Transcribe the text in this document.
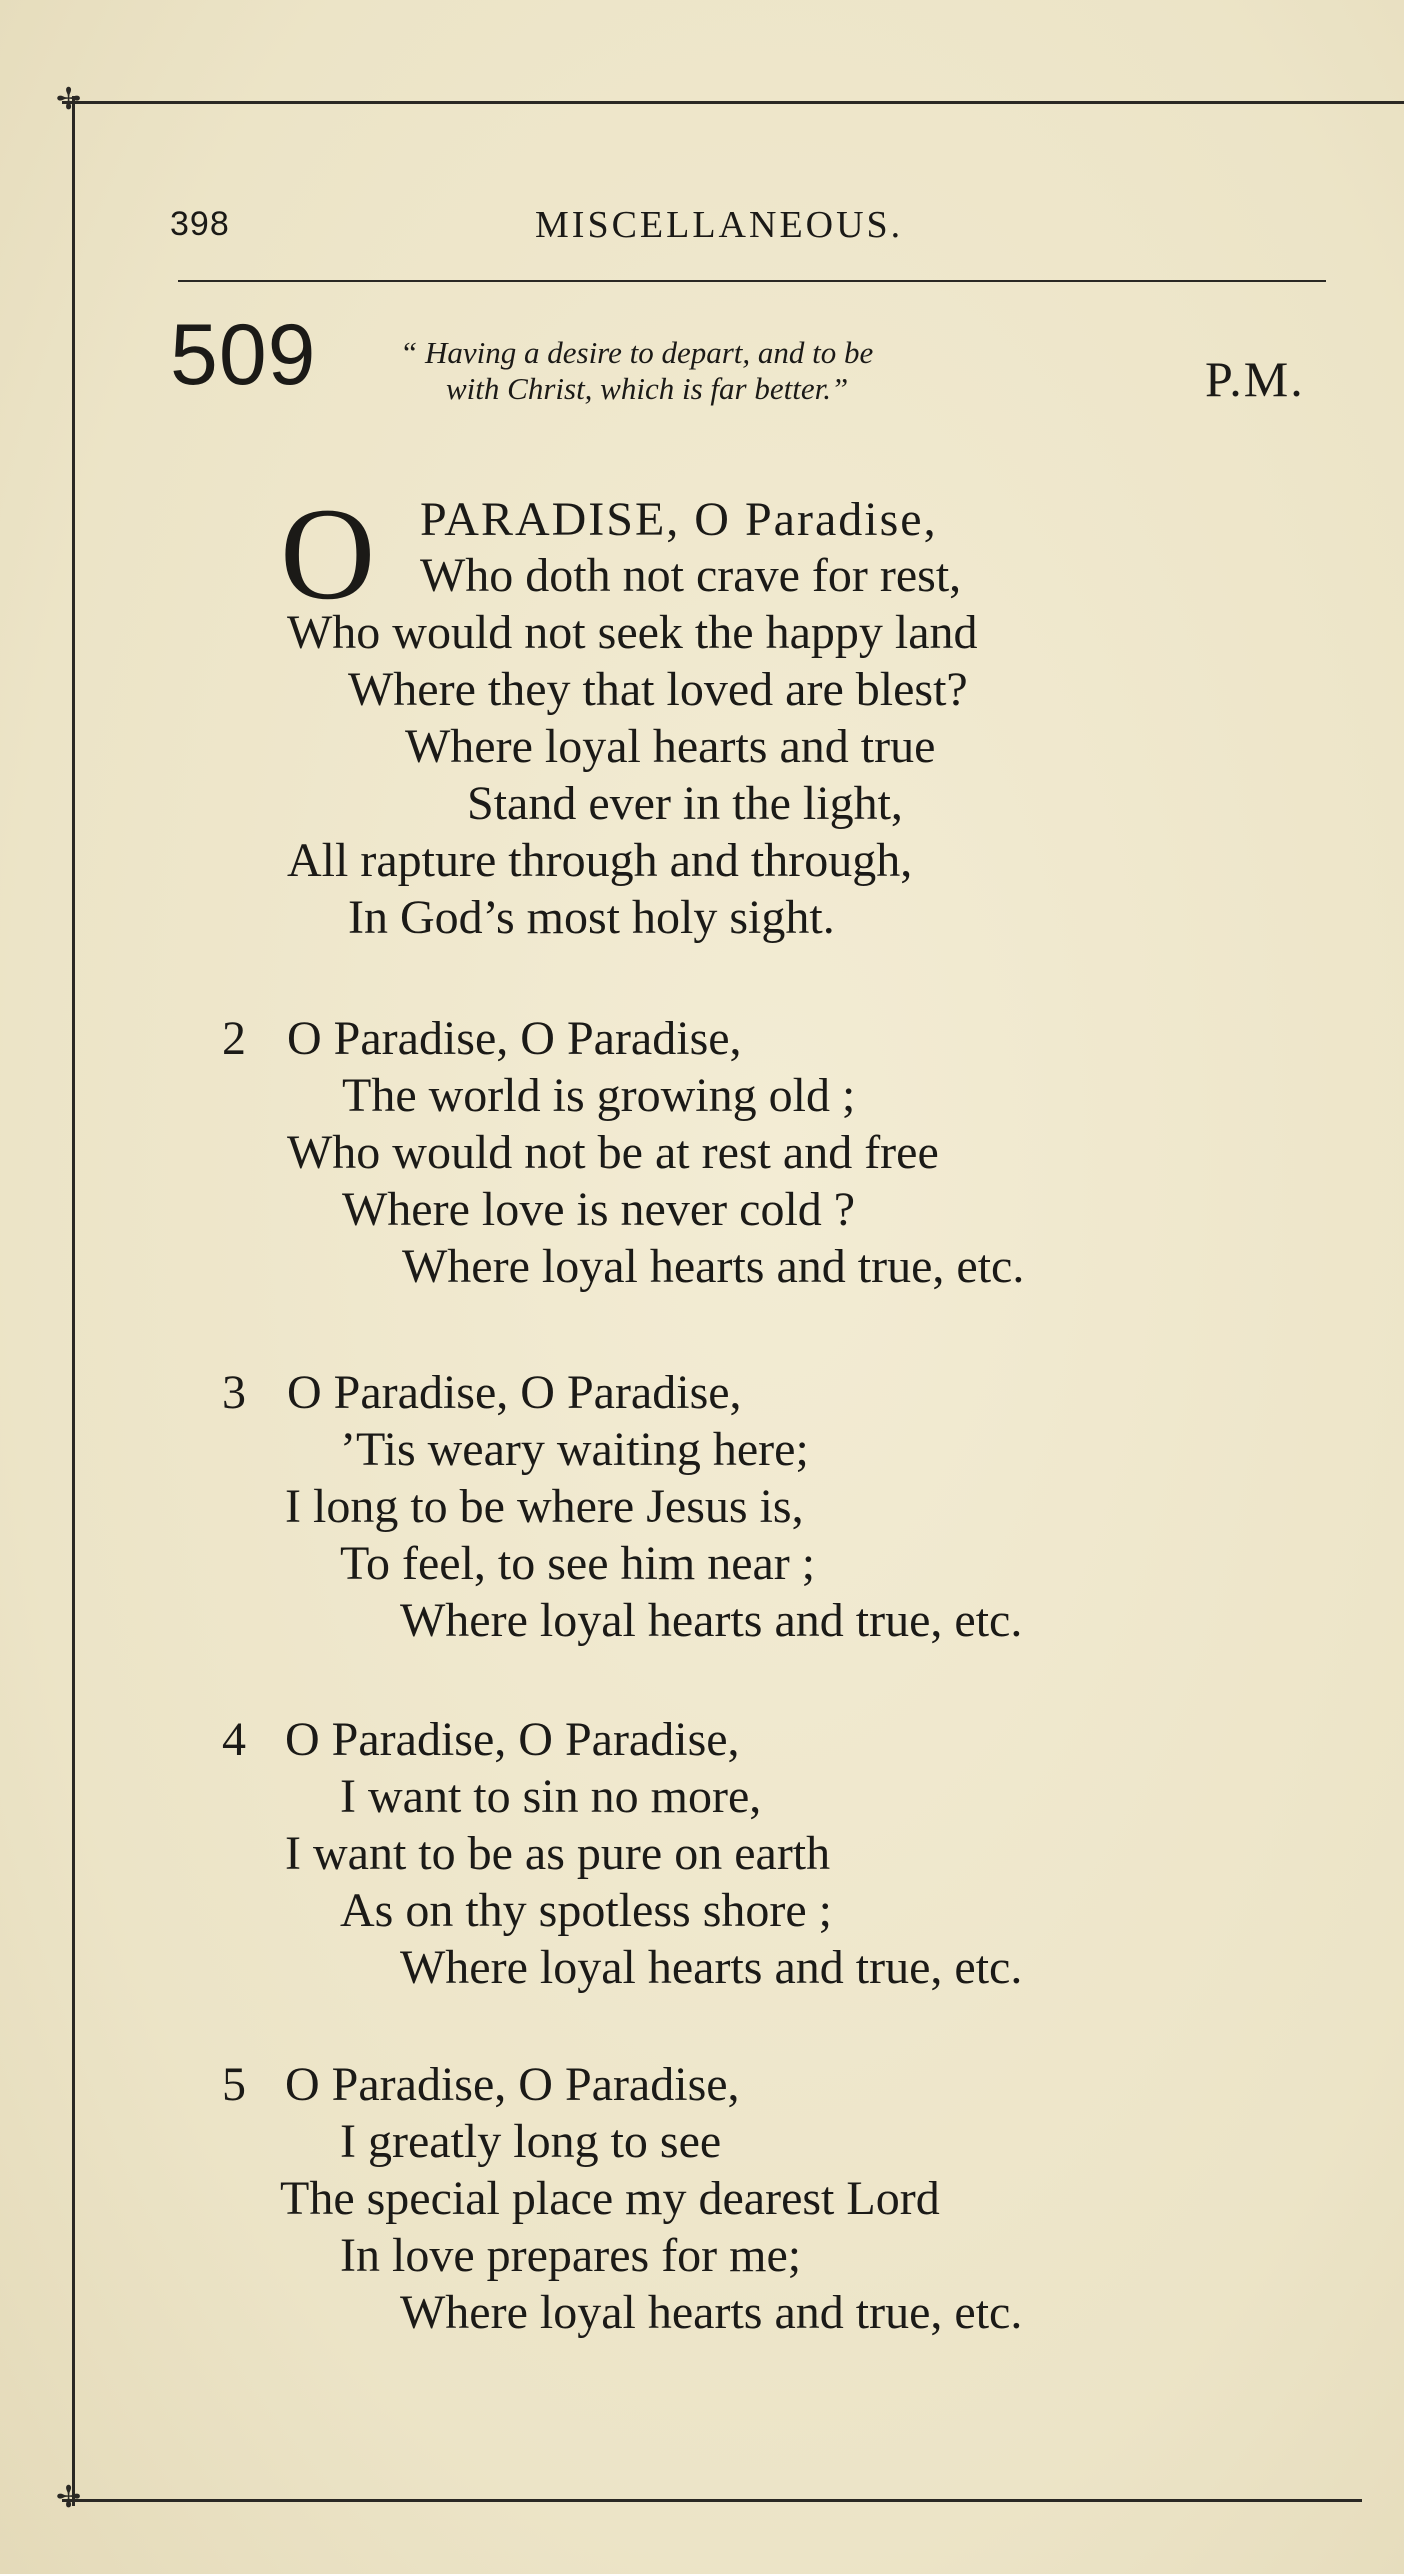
✢
✢
398	MISCELLANEOUS.
509	“ Having a desire to depart, and to be
with Christ, which is far better.”	P.M.
O PARADISE, O Paradise,
Who doth not crave for rest,
Who would not seek the happy land
Where they that loved are blest?
Where loyal hearts and true
Stand ever in the light,
All rapture through and through,
In God’s most holy sight.
2 O Paradise, O Paradise,
The world is growing old ;
Who would not be at rest and free
Where love is never cold ?
Where loyal hearts and true, etc.
3 O Paradise, O Paradise,
’Tis weary waiting here;
I long to be where Jesus is,
To feel, to see him near ;
Where loyal hearts and true, etc.
4 O Paradise, O Paradise,
I want to sin no more,
I want to be as pure on earth
As on thy spotless shore ;
Where loyal hearts and true, etc.
5 O Paradise, O Paradise,
I greatly long to see
The special place my dearest Lord
In love prepares for me;
Where loyal hearts and true, etc.
